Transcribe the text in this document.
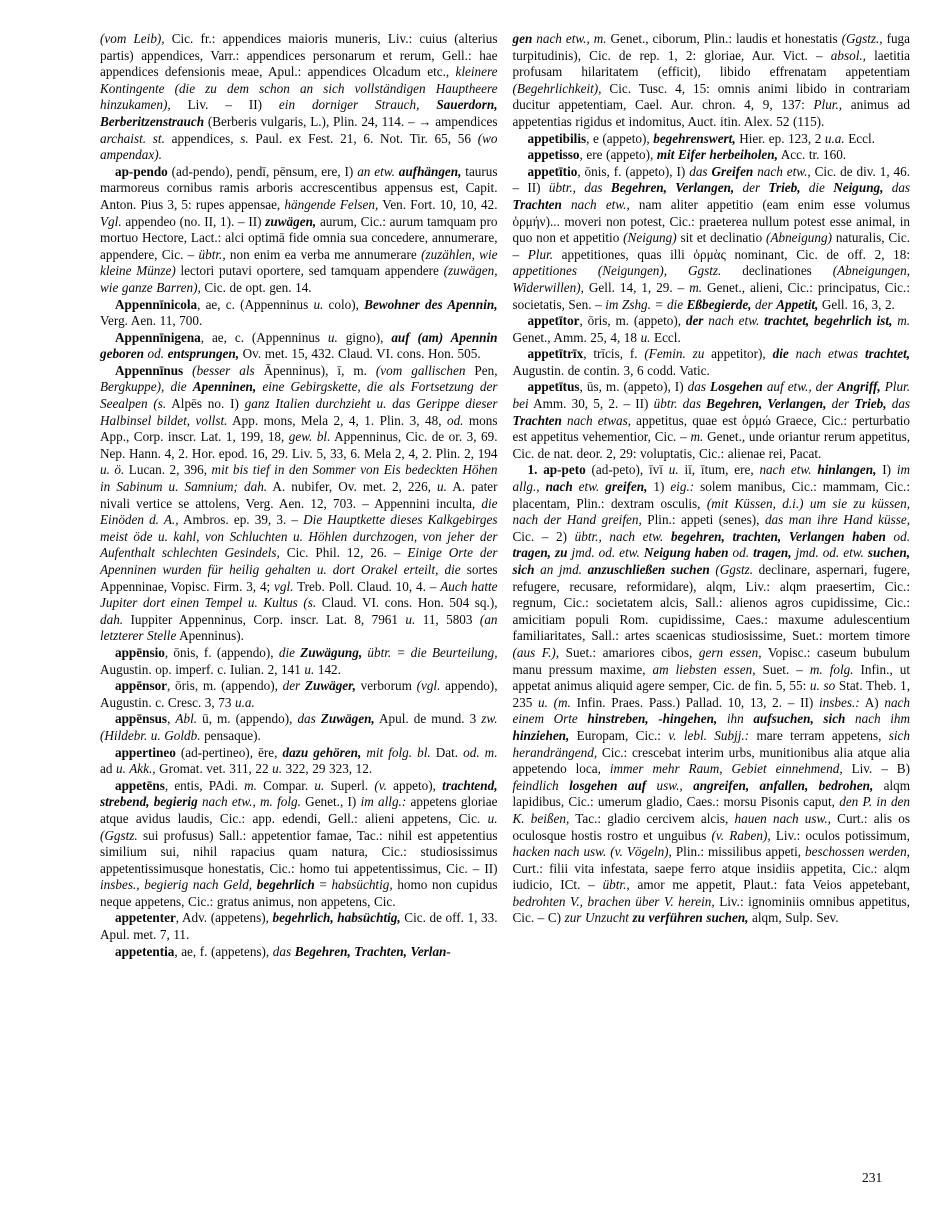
(vom Leib), Cic. fr.: appendices maioris muneris, Liv.: cuius (alterius partis) appendices, Varr.: appendices personarum et rerum, Gell.: hae appendices defensionis meae, Apul.: appendices Olcadum etc., kleinere Kontingente (die zu dem schon an sich vollständigen Hauptheere hinzukamen), Liv. – II) ein dorniger Strauch, Sauerdorn, Berberitzenstrauch (Berberis vulgaris, L.), Plin. 24, 114. – → ampendices archaist. st. appendices, s. Paul. ex Fest. 21, 6. Not. Tir. 65, 56 (wo ampendax).

ap-pendo (ad-pendo), pendī, pēnsum, ere, I) an etw. aufhängen, taurus marmoreus cornibus ramis arboris accrescentibus appensus est, Capit. Anton. Pius 3, 5: rupes appensae, hängende Felsen, Ven. Fort. 10, 10, 42. Vgl. appendeo (no. II, 1). – II) zuwägen, aurum, Cic.: aurum tamquam pro mortuo Hectore, Lact.: alci optimā fide omnia sua concedere, annumerare, appendere, Cic. – übtr., non enim ea verba me annumerare (zuzählen, wie kleine Münze) lectori putavi oportere, sed tamquam appendere (zuwägen, wie ganze Barren), Cic. de opt. gen. 14.

Appennīnicola, ae, c. (Appenninus u. colo), Bewohner des Apennin, Verg. Aen. 11, 700.

Appennīnigena, ae, c. (Appenninus u. gigno), auf (am) Apennin geboren od. entsprungen, Ov. met. 15, 432. Claud. VI. cons. Hon. 505.

Appennīnus (besser als Āpenninus), ī, m. (vom gallischen Pen, Bergkuppe), die Apenninen, eine Gebirgskette, die als Fortsetzung der Seealpen (s. Alpēs no. I) ganz Italien durchzieht u. das Gerippe dieser Halbinsel bildet, vollst. App. mons, Mela 2, 4, 1. Plin. 3, 48, od. mons App., Corp. inscr. Lat. 1, 199, 18, gew. bl. Appenninus, Cic. de or. 3, 69. Nep. Hann. 4, 2. Hor. epod. 16, 29. Liv. 5, 33, 6. Mela 2, 4, 2. Plin. 2, 194 u. ö. Lucan. 2, 396, mit bis tief in den Sommer von Eis bedeckten Höhen in Sabinum u. Samnium; dah. A. nubifer, Ov. met. 2, 226, u. A. pater nivali vertice se attolens, Verg. Aen. 12, 703. – Appennini inculta, die Einöden d. A., Ambros. ep. 39, 3. – Die Hauptkette dieses Kalkgebirges meist öde u. kahl, von Schluchten u. Höhlen durchzogen, von jeher der Aufenthalt schlechten Gesindels, Cic. Phil. 12, 26. – Einige Orte der Apenninen wurden für heilig gehalten u. dort Orakel erteilt, die sortes Appenninae, Vopisc. Firm. 3, 4; vgl. Treb. Poll. Claud. 10, 4. – Auch hatte Jupiter dort einen Tempel u. Kultus (s. Claud. VI. cons. Hon. 504 sq.), dah. Iuppiter Appenninus, Corp. inscr. Lat. 8, 7961 u. 11, 5803 (an letzterer Stelle Apenninus).

appēnsio, ōnis, f. (appendo), die Zuwägung, übtr. = die Beurteilung, Augustin. op. imperf. c. Iulian. 2, 141 u. 142.

appēnsor, ōris, m. (appendo), der Zuwäger, verborum (vgl. appendo), Augustin. c. Cresc. 3, 73 u.a.

appēnsus, Abl. ū, m. (appendo), das Zuwägen, Apul. de mund. 3 zw. (Hildebr. u. Goldb. pensaque).

appertineo (ad-pertineo), ēre, dazu gehören, mit folg. bl. Dat. od. m. ad u. Akk., Gromat. vet. 311, 22 u. 322, 29 323, 12.

appetēns, entis, PAdi. m. Compar. u. Superl. (v. appeto), trachtend, strebend, begierig nach etw., m. folg. Genet., I) im allg.: appetens gloriae atque avidus laudis, Cic.: app. edendi, Gell.: alieni appetens, Cic. u. (Ggstz. sui profusus) Sall.: appetentior famae, Tac.: nihil est appetentius similium sui, nihil rapacius quam natura, Cic.: studiosissimus appetentissimusque honestatis, Cic.: homo tui appetentissimus, Cic. – II) insbes., begierig nach Geld, begehrlich = habsüchtig, homo non cupidus neque appetens, Cic.: gratus animus, non appetens, Cic.

appetenter, Adv. (appetens), begehrlich, habsüchtig, Cic. de off. 1, 33. Apul. met. 7, 11.

appetentia, ae, f. (appetens), das Begehren, Trachten, Verlan-

gen nach etw., m. Genet., ciborum, Plin.: laudis et honestatis (Ggstz., fuga turpitudinis), Cic. de rep. 1, 2: gloriae, Aur. Vict. – absol., laetitia profusam hilaritatem (efficit), libido effrenatam appetentiam (Begehrlichkeit), Cic. Tusc. 4, 15: omnis animi libido in contrariam ducitur appetentiam, Cael. Aur. chron. 4, 9, 137: Plur., animus ad appetentias rigidus et indomitus, Auct. itin. Alex. 52 (115).

appetibilis, e (appeto), begehrenswert, Hier. ep. 123, 2 u.a. Eccl.

appetisso, ere (appeto), mit Eifer herbeiholen, Acc. tr. 160.

appetītio, ōnis, f. (appeto), I) das Greifen nach etw., Cic. de div. 1, 46. – II) übtr., das Begehren, Verlangen, der Trieb, die Neigung, das Trachten nach etw., nam aliter appetitio (eam enim esse volumus ὁρμήν)... moveri non potest, Cic.: praeterea nullum potest esse animal, in quo non et appetitio (Neigung) sit et declinatio (Abneigung) naturalis, Cic. – Plur. appetitiones, quas illi ὁρμὰς nominant, Cic. de off. 2, 18: appetitiones (Neigungen), Ggstz. declinationes (Abneigungen, Widerwillen), Gell. 14, 1, 29. – m. Genet., alieni, Cic.: principatus, Cic.: societatis, Sen. – im Zshg. = die Eßbegierde, der Appetit, Gell. 16, 3, 2.

appetītor, ōris, m. (appeto), der nach etw. trachtet, begehrlich ist, m. Genet., Amm. 25, 4, 18 u. Eccl.

appetītrīx, trīcis, f. (Femin. zu appetitor), die nach etwas trachtet, Augustin. de contin. 3, 6 codd. Vatic.

appetītus, ūs, m. (appeto), I) das Losgehen auf etw., der Angriff, Plur. bei Amm. 30, 5, 2. – II) übtr. das Begehren, Verlangen, der Trieb, das Trachten nach etwas, appetitus, quae est ὁρμώ Graece, Cic.: perturbatio est appetitus vehementior, Cic. – m. Genet., unde oriantur rerum appetitus, Cic. de nat. deor. 2, 29: voluptatis, Cic.: alienae rei, Pacat.

1. ap-peto (ad-peto), īvī u. iī, ītum, ere, nach etw. hinlangen, I) im allg., nach etw. greifen, 1) eig.: solem manibus, Cic.: mammam, Cic.: placentam, Plin.: dextram osculis, (mit Küssen, d.i.) um sie zu küssen, nach der Hand greifen, Plin.: appeti (senes), das man ihre Hand küsse, Cic. – 2) übtr., nach etw. begehren, trachten, Verlangen haben od. tragen, zu jmd. od. etw. Neigung haben od. tragen, jmd. od. etw. suchen, sich an jmd. anzuschließen suchen (Ggstz. declinare, aspernari, fugere, refugere, recusare, reformidare), alqm, Liv.: alqm praesertim, Cic.: regnum, Cic.: societatem alcis, Sall.: alienos agros cupidissime, Cic.: amicitiam populi Rom. cupidissime, Caes.: maxume adulescentium familiaritates, Sall.: artes scaenicas studiosissime, Suet.: mortem timore (aus F.), Suet.: amariores cibos, gern essen, Vopisc.: caseum bubulum manu pressum maxime, am liebsten essen, Suet. – m. folg. Infin., ut appetat animus aliquid agere semper, Cic. de fin. 5, 55: u. so Stat. Theb. 1, 235 u. (m. Infin. Praes. Pass.) Pallad. 10, 13, 2. – II) insbes.: A) nach einem Orte hinstreben, -hingehen, ihn aufsuchen, sich nach ihm hinziehen, Europam, Cic.: v. lebl. Subjj.: mare terram appetens, sich herandrängend, Cic.: crescebat interim urbs, munitionibus alia atque alia appetendo loca, immer mehr Raum, Gebiet einnehmend, Liv. – B) feindlich losgehen auf usw., angreifen, anfallen, bedrohen, alqm lapidibus, Cic.: umerum gladio, Caes.: morsu Pisonis caput, den P. in den K. beißen, Tac.: gladio cercivem alcis, hauen nach usw., Curt.: alis os oculosque hostis rostro et unguibus (v. Raben), Liv.: oculos potissimum, hacken nach usw. (v. Vögeln), Plin.: missilibus appeti, beschossen werden, Curt.: filii vita infestata, saepe ferro atque insidiis appetita, Cic.: alqm iudicio, ICt. – übtr., amor me appetit, Plaut.: fata Veios appetebant, bedrohten V., brachen über V. herein, Liv.: ignominiis omnibus appetitus, Cic. – C) zur Unzucht zu verführen suchen, alqm, Sulp. Sev.

231
